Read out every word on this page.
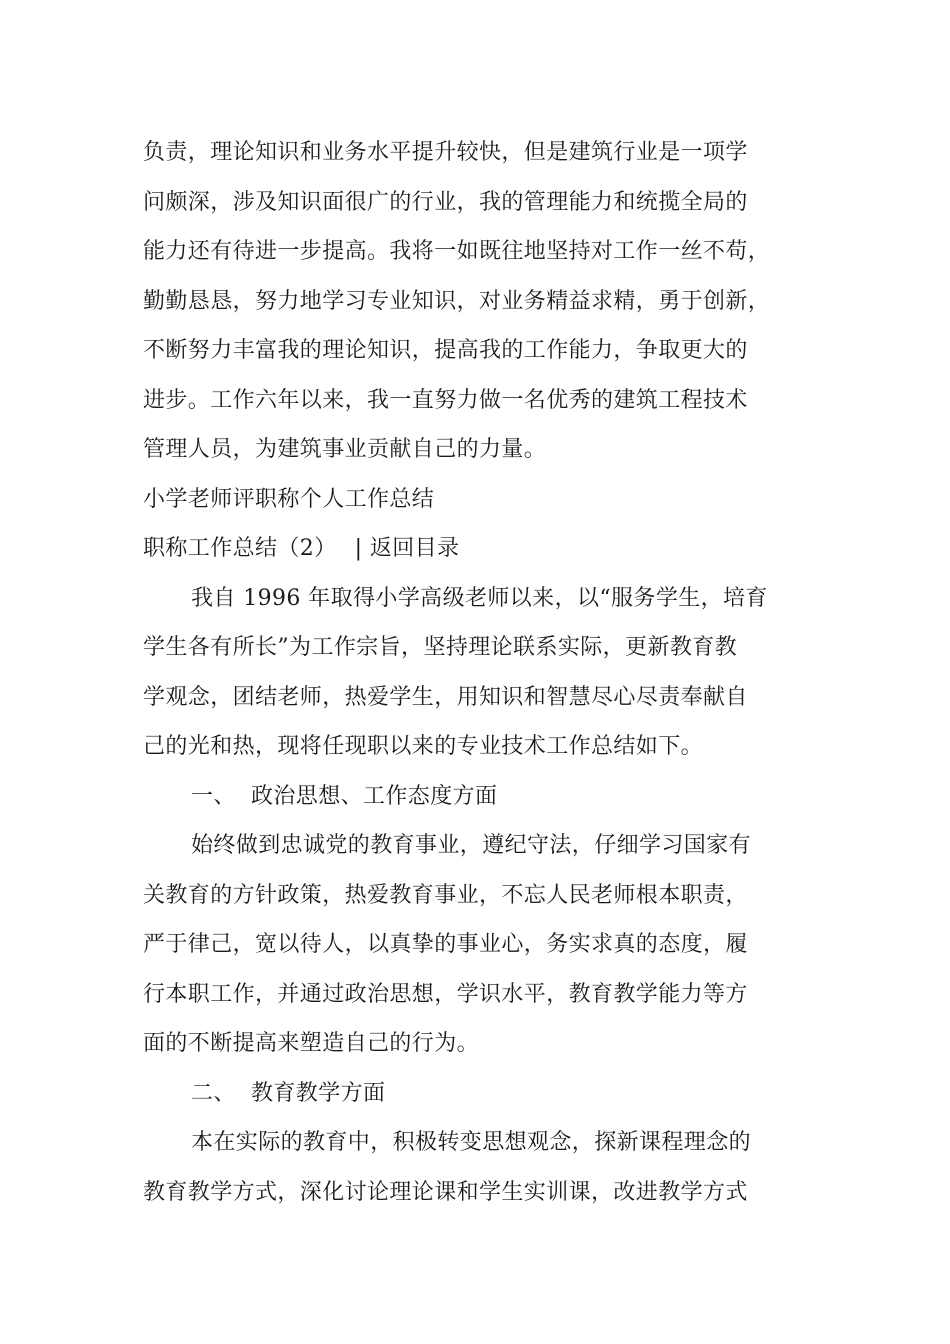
负责，理论知识和业务水平提升较快，但是建筑行业是一项学
问颇深，涉及知识面很广的行业，我的管理能力和统揽全局的
能力还有待进一步提高。我将一如既往地坚持对工作一丝不苟，
勤勤恳恳，努力地学习专业知识，对业务精益求精，勇于创新，
不断努力丰富我的理论知识，提高我的工作能力，争取更大的
进步。工作六年以来，我一直努力做一名优秀的建筑工程技术
管理人员，为建筑事业贡献自己的力量。
小学老师评职称个人工作总结
职称工作总结（2） | 返回目录
我自 1996 年取得小学高级老师以来，以“服务学生，培育
学生各有所长”为工作宗旨，坚持理论联系实际，更新教育教
学观念，团结老师，热爱学生，用知识和智慧尽心尽责奉献自
己的光和热，现将任现职以来的专业技术工作总结如下。
一、 政治思想、工作态度方面
始终做到忠诚党的教育事业，遵纪守法，仔细学习国家有
关教育的方针政策，热爱教育事业，不忘人民老师根本职责，
严于律己，宽以待人，以真挚的事业心，务实求真的态度，履
行本职工作，并通过政治思想，学识水平，教育教学能力等方
面的不断提高来塑造自己的行为。
二、 教育教学方面
本在实际的教育中，积极转变思想观念，探新课程理念的
教育教学方式，深化讨论理论课和学生实训课，改进教学方式
